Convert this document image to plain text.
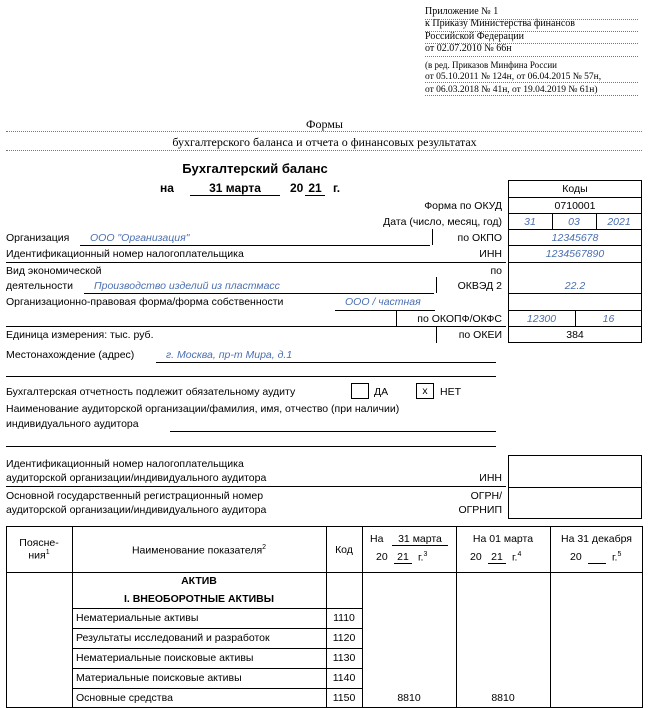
Приложение № 1
к Приказу Министерства финансов
Российской Федерации
от 02.07.2010 № 66н
(в ред. Приказов Минфина России
от 05.10.2011 № 124н, от 06.04.2015 № 57н,
от 06.03.2018 № 41н, от 19.04.2019 № 61н)
Формы
бухгалтерского баланса и отчета о финансовых результатах
Бухгалтерский баланс
на	31 марта	20 21 г.	Коды
Форма по ОКУД	0710001
Дата (число, месяц, год)	31	03	2021
Организация ООО "Организация"	по ОКПО	12345678
Идентификационный номер налогоплательщика	ИНН	1234567890
Вид экономической
деятельности Производство изделий из пластмасс
по
ОКВЭД 2	22.2
Организационно-правовая форма/форма собственности	ООО / частная
по ОКОПФ/ОКФС	12300	16
Единица измерения: тыс. руб.	по ОКЕИ	384
Местонахождение (адрес)	г. Москва, пр-т Мира, д.1
Бухгалтерская отчетность подлежит обязательному аудиту	ДА	x	НЕТ
Наименование аудиторской организации/фамилия, имя, отчество (при наличии)
индивидуального аудитора
Идентификационный номер налогоплательщика
аудиторской организации/индивидуального аудитора	ИНН
Основной государственный регистрационный номер
аудиторской организации/индивидуального аудитора
ОГРН/
ОГРНИП
Поясне-
ния$^1$	Наименование показателя$^2$	Код
На	31 марта
20 21 г.$^3$
На 01 марта
20 21 г.$^4$
На 31 декабря
20	г.$^5$
АКТИВ
I. ВНЕОБОРОТНЫЕ АКТИВЫ
Нематериальные активы	1110
Результаты исследований и разработок	1120
Нематериальные поисковые активы	1130
Материальные поисковые активы	1140
Основные средства	1150	8810	8810
